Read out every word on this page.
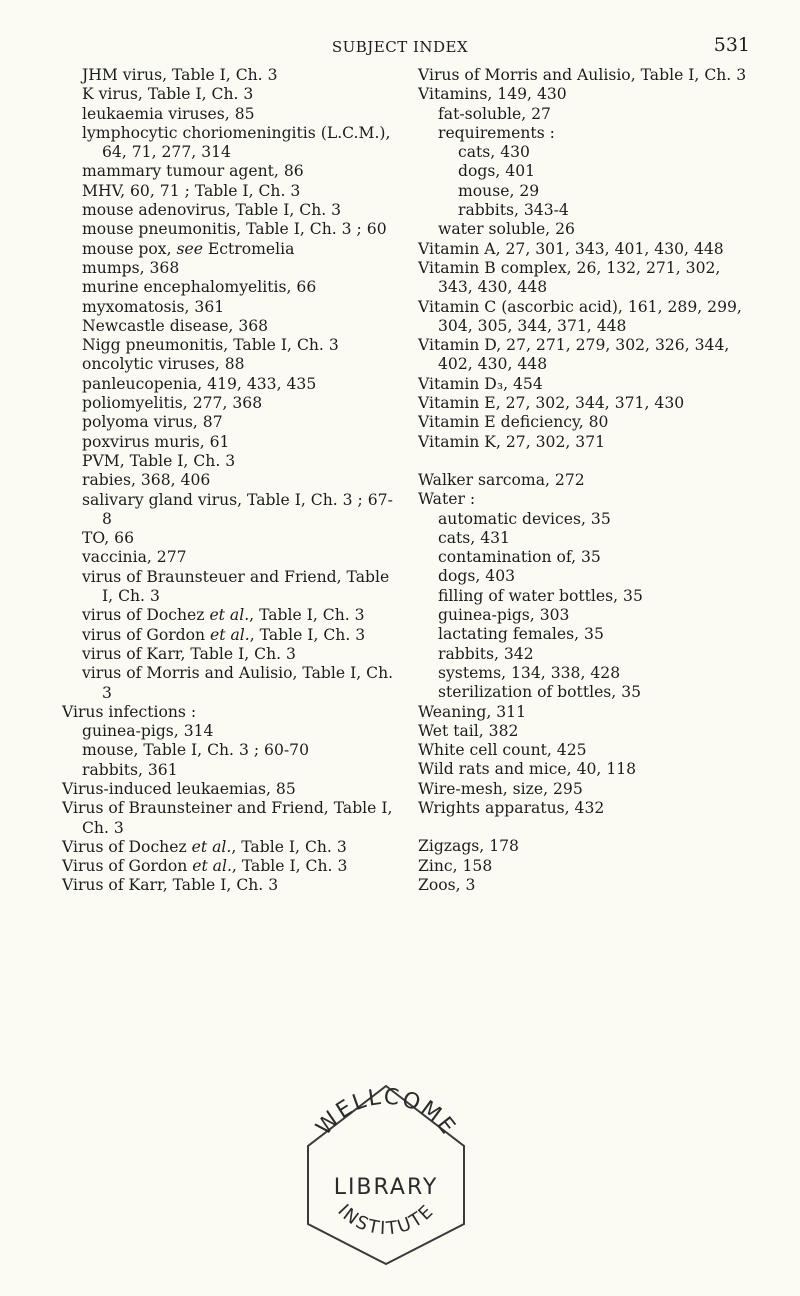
SUBJECT INDEX	531

JHM virus, Table I, Ch. 3

K virus, Table I, Ch. 3

leukaemia viruses, 85

lymphocytic choriomeningitis (L.C.M.), 64, 71, 277, 314

mammary tumour agent, 86

MHV, 60, 71 ; Table I, Ch. 3

mouse adenovirus, Table I, Ch. 3

mouse pneumonitis, Table I, Ch. 3 ; 60

mouse pox, see Ectromelia

mumps, 368

murine encephalomyelitis, 66

myxomatosis, 361

Newcastle disease, 368

Nigg pneumonitis, Table I, Ch. 3

oncolytic viruses, 88

panleucopenia, 419, 433, 435

poliomyelitis, 277, 368

polyoma virus, 87

poxvirus muris, 61

PVM, Table I, Ch. 3

rabies, 368, 406

salivary gland virus, Table I, Ch. 3 ; 67-8

TO, 66

vaccinia, 277

virus of Braunsteuer and Friend, Table I, Ch. 3

virus of Dochez et al., Table I, Ch. 3

virus of Gordon et al., Table I, Ch. 3

virus of Karr, Table I, Ch. 3

virus of Morris and Aulisio, Table I, Ch. 3

Virus infections :

guinea-pigs, 314

mouse, Table I, Ch. 3 ; 60-70

rabbits, 361

Virus-induced leukaemias, 85

Virus of Braunsteiner and Friend, Table I, Ch. 3

Virus of Dochez et al., Table I, Ch. 3

Virus of Gordon et al., Table I, Ch. 3

Virus of Karr, Table I, Ch. 3

Virus of Morris and Aulisio, Table I, Ch. 3

Vitamins, 149, 430

fat-soluble, 27

requirements :

cats, 430

dogs, 401

mouse, 29

rabbits, 343-4

water soluble, 26

Vitamin A, 27, 301, 343, 401, 430, 448

Vitamin B complex, 26, 132, 271, 302, 343, 430, 448

Vitamin C (ascorbic acid), 161, 289, 299, 304, 305, 344, 371, 448

Vitamin D, 27, 271, 279, 302, 326, 344, 402, 430, 448

Vitamin D₃, 454

Vitamin E, 27, 302, 344, 371, 430

Vitamin E deficiency, 80

Vitamin K, 27, 302, 371

Walker sarcoma, 272

Water :

automatic devices, 35

cats, 431

contamination of, 35

dogs, 403

filling of water bottles, 35

guinea-pigs, 303

lactating females, 35

rabbits, 342

systems, 134, 338, 428

sterilization of bottles, 35

Weaning, 311

Wet tail, 382

White cell count, 425

Wild rats and mice, 40, 118

Wire-mesh, size, 295

Wrights apparatus, 432

Zigzags, 178

Zinc, 158

Zoos, 3

WELLCOME
LIBRARY
INSTITUTE
